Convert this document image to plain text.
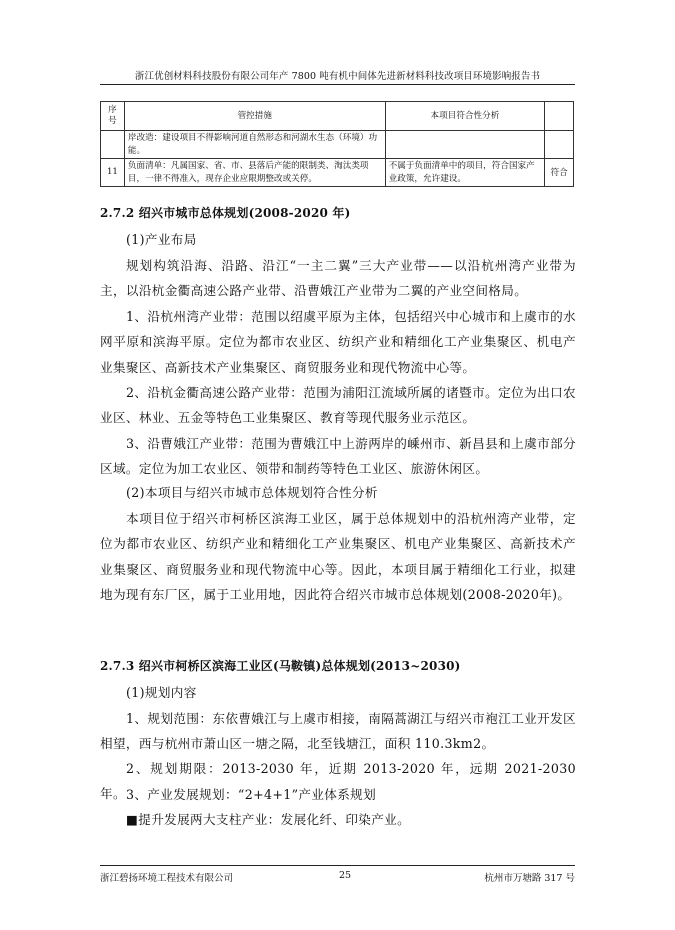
浙江优创材料科技股份有限公司年产 7800 吨有机中间体先进新材料科技改项目环境影响报告书
序号	管控措施	本项目符合性分析	
	岸改造：建设项目不得影响河道自然形态和河湖水生态（环境）功能。		
11	负面清单：凡属国家、省、市、县落后产能的限制类、淘汰类项目，一律不得准入，现存企业应限期整改或关停。	不属于负面清单中的项目，符合国家产业政策，允许建设。	符合
2.7.2 绍兴市城市总体规划(2008-2020 年)
(1)产业布局
规划构筑沿海、沿路、沿江“一主二翼”三大产业带——以沿杭州湾产业带为主，以沿杭金衢高速公路产业带、沿曹娥江产业带为二翼的产业空间格局。
1、沿杭州湾产业带：范围以绍虞平原为主体，包括绍兴中心城市和上虞市的水网平原和滨海平原。定位为都市农业区、纺织产业和精细化工产业集聚区、机电产业集聚区、高新技术产业集聚区、商贸服务业和现代物流中心等。
2、沿杭金衢高速公路产业带：范围为浦阳江流域所属的诸暨市。定位为出口农业区、林业、五金等特色工业集聚区、教育等现代服务业示范区。
3、沿曹娥江产业带：范围为曹娥江中上游两岸的嵊州市、新昌县和上虞市部分区域。定位为加工农业区、领带和制药等特色工业区、旅游休闲区。
(2)本项目与绍兴市城市总体规划符合性分析
本项目位于绍兴市柯桥区滨海工业区，属于总体规划中的沿杭州湾产业带，定位为都市农业区、纺织产业和精细化工产业集聚区、机电产业集聚区、高新技术产业集聚区、商贸服务业和现代物流中心等。因此，本项目属于精细化工行业，拟建地为现有东厂区，属于工业用地，因此符合绍兴市城市总体规划(2008-2020年)。
2.7.3 绍兴市柯桥区滨海工业区(马鞍镇)总体规划(2013~2030)
(1)规划内容
1、规划范围：东依曹娥江与上虞市相接，南隔蒿湖江与绍兴市袍江工业开发区相望，西与杭州市萧山区一塘之隔，北至钱塘江，面积 110.3km2。
2、规划期限：2013-2030 年，近期 2013-2020 年，远期 2021-2030 年。 3、产业发展规划：“2+4+1”产业体系规划
■提升发展两大支柱产业：发展化纤、印染产业。
浙江碧扬环境工程技术有限公司	25	杭州市万塘路 317 号
